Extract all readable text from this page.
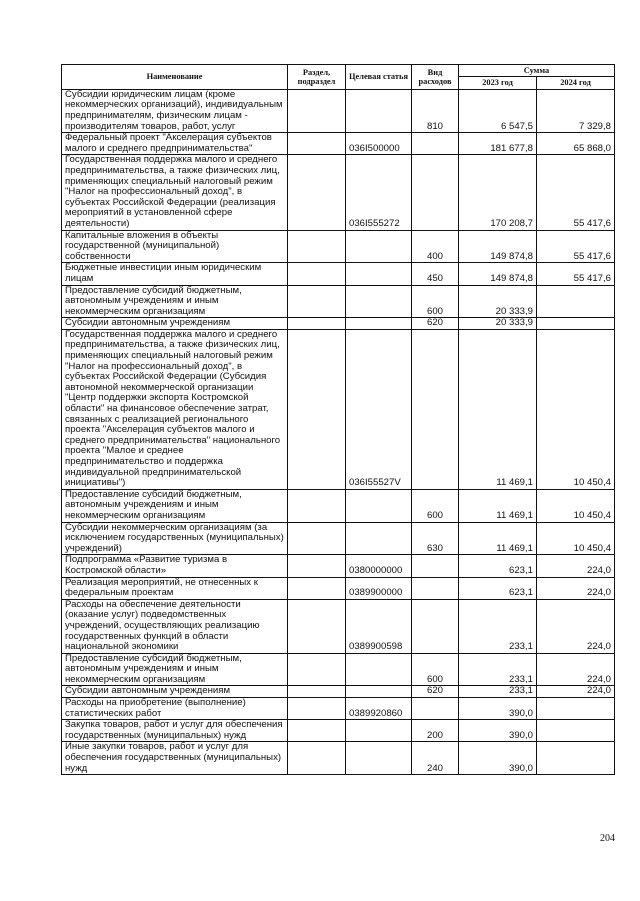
Наименование	Раздел, подраздел	Целевая статья	Вид расходов	Сумма	
				2023 год	2024 год
Субсидии юридическим лицам (кроме некоммерческих организаций), индивидуальным предпринимателям, физическим лицам - производителям товаров, работ, услуг			810	6 547,5	7 329,8
Федеральный проект "Акселерация субъектов малого и среднего предпринимательства"		036I500000		181 677,8	65 868,0
Государственная поддержка малого и среднего предпринимательства, а также физических лиц, применяющих специальный налоговый режим "Налог на профессиональный доход", в субъектах Российской Федерации (реализация мероприятий в установленной сфере деятельности)		036I555272		170 208,7	55 417,6
Капитальные вложения в объекты государственной (муниципальной) собственности			400	149 874,8	55 417,6
Бюджетные инвестиции иным юридическим лицам			450	149 874,8	55 417,6
Предоставление субсидий бюджетным, автономным учреждениям и иным некоммерческим организациям			600	20 333,9	
Субсидии автономным учреждениям			620	20 333,9	
Государственная поддержка малого и среднего предпринимательства, а также физических лиц, применяющих специальный налоговый режим "Налог на профессиональный доход", в субъектах Российской Федерации (Субсидия автономной некоммерческой организации "Центр поддержки экспорта Костромской области" на финансовое обеспечение затрат, связанных с реализацией регионального проекта "Акселерация субъектов малого и среднего предпринимательства" национального проекта "Малое и среднее предпринимательство и поддержка индивидуальной предпринимательской инициативы")		036I55527V		11 469,1	10 450,4
Предоставление субсидий бюджетным, автономным учреждениям и иным некоммерческим организациям			600	11 469,1	10 450,4
Субсидии некоммерческим организациям (за исключением государственных (муниципальных) учреждений)			630	11 469,1	10 450,4
Подпрограмма «Развитие туризма в Костромской области»		0380000000		623,1	224,0
Реализация мероприятий, не отнесенных к федеральным проектам		0389900000		623,1	224,0
Расходы на обеспечение деятельности (оказание услуг) подведомственных учреждений, осуществляющих реализацию государственных функций в области национальной экономики		0389900598		233,1	224,0
Предоставление субсидий бюджетным, автономным учреждениям и иным некоммерческим организациям			600	233,1	224,0
Субсидии автономным учреждениям			620	233,1	224,0
Расходы на приобретение (выполнение) статистических работ		0389920860		390,0	
Закупка товаров, работ и услуг для обеспечения государственных (муниципальных) нужд			200	390,0	
Иные закупки товаров, работ и услуг для обеспечения государственных (муниципальных) нужд			240	390,0	
204
